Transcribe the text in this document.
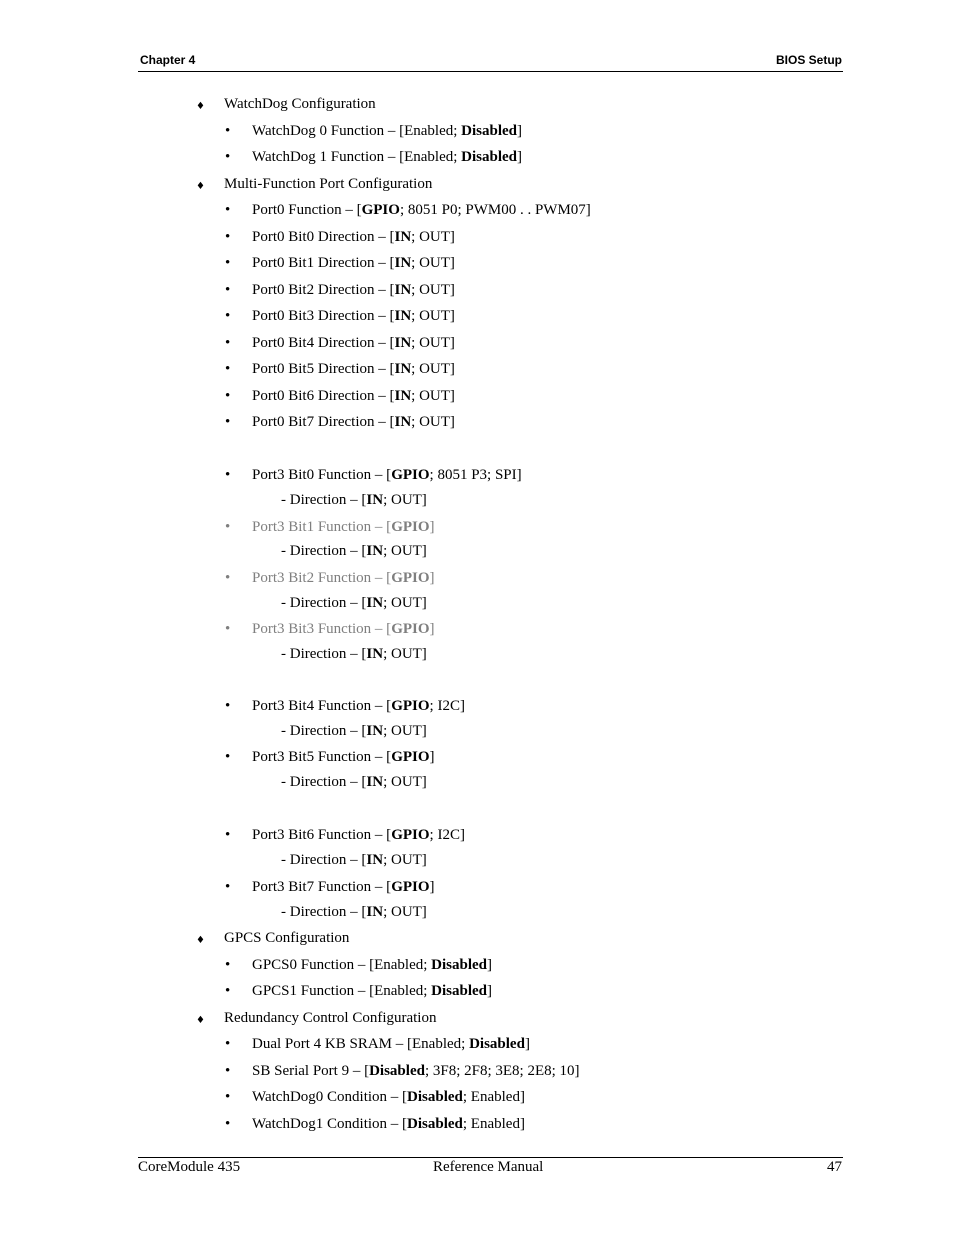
Chapter 4	BIOS Setup
♦ WatchDog Configuration
• WatchDog 0 Function – [Enabled; Disabled]
• WatchDog 1 Function – [Enabled; Disabled]
♦ Multi-Function Port Configuration
• Port0 Function – [GPIO; 8051 P0; PWM00 . . PWM07]
• Port0 Bit0 Direction – [IN; OUT]
• Port0 Bit1 Direction – [IN; OUT]
• Port0 Bit2 Direction – [IN; OUT]
• Port0 Bit3 Direction – [IN; OUT]
• Port0 Bit4 Direction – [IN; OUT]
• Port0 Bit5 Direction – [IN; OUT]
• Port0 Bit6 Direction – [IN; OUT]
• Port0 Bit7 Direction – [IN; OUT]
• Port3 Bit0 Function – [GPIO; 8051 P3; SPI]
- Direction – [IN; OUT]
• Port3 Bit1 Function – [GPIO]
- Direction – [IN; OUT]
• Port3 Bit2 Function – [GPIO]
- Direction – [IN; OUT]
• Port3 Bit3 Function – [GPIO]
- Direction – [IN; OUT]
• Port3 Bit4 Function – [GPIO; I2C]
- Direction – [IN; OUT]
• Port3 Bit5 Function – [GPIO]
- Direction – [IN; OUT]
• Port3 Bit6 Function – [GPIO; I2C]
- Direction – [IN; OUT]
• Port3 Bit7 Function – [GPIO]
- Direction – [IN; OUT]
♦ GPCS Configuration
• GPCS0 Function – [Enabled; Disabled]
• GPCS1 Function – [Enabled; Disabled]
♦ Redundancy Control Configuration
• Dual Port 4 KB SRAM – [Enabled; Disabled]
• SB Serial Port 9 – [Disabled; 3F8; 2F8; 3E8; 2E8; 10]
• WatchDog0 Condition – [Disabled; Enabled]
• WatchDog1 Condition – [Disabled; Enabled]
CoreModule 435	Reference Manual	47
